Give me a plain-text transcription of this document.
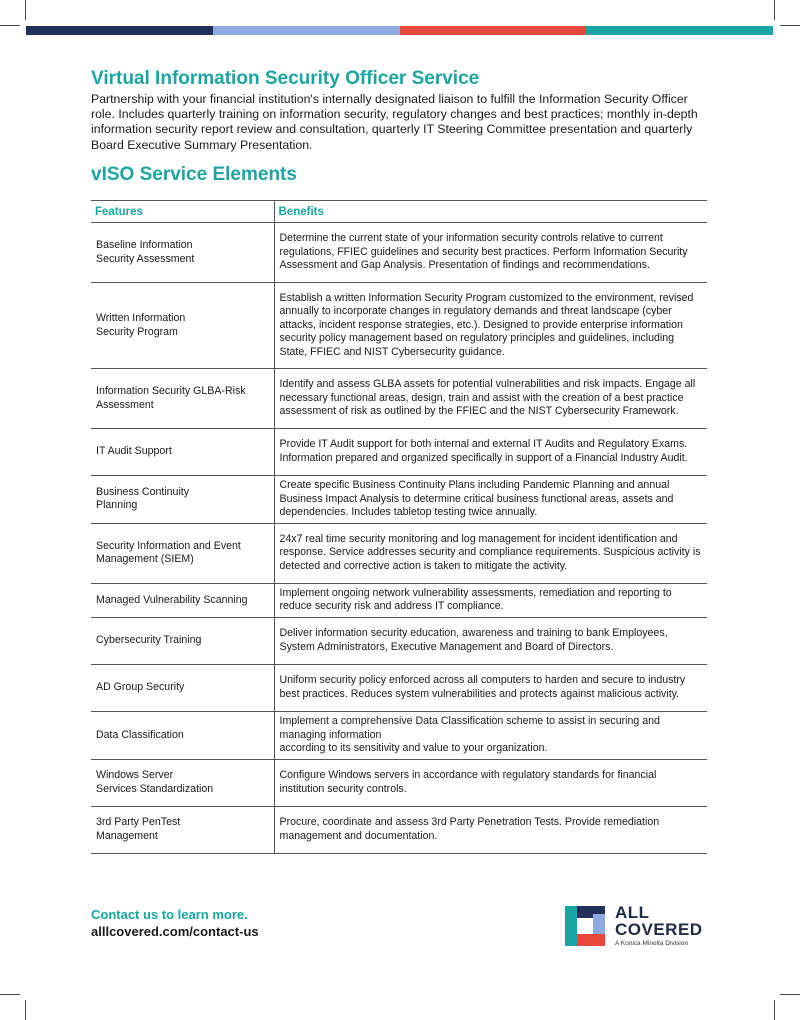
Virtual Information Security Officer Service

Partnership with your financial institution's internally designated liaison to fulfill the Information Security Officer role. Includes quarterly training on information security, regulatory changes and best practices; monthly in-depth information security report review and consultation, quarterly IT Steering Committee presentation and quarterly Board Executive Summary Presentation.

vISO Service Elements
Features	Benefits
Baseline Information
Security Assessment	Determine the current state of your information security controls relative to current regulations, FFIEC guidelines and security best practices. Perform Information Security Assessment and Gap Analysis. Presentation of findings and recommendations.
Written Information
Security Program	Establish a written Information Security Program customized to the environment, revised annually to incorporate changes in regulatory demands and threat landscape (cyber attacks, incident response strategies, etc.). Designed to provide enterprise information security policy management based on regulatory principles and guidelines, including State, FFIEC and NIST Cybersecurity guidance.
Information Security GLBA-Risk
Assessment	Identify and assess GLBA assets for potential vulnerabilities and risk impacts. Engage all necessary functional areas, design, train and assist with the creation of a best practice assessment of risk as outlined by the FFIEC and the NIST Cybersecurity Framework.
IT Audit Support	Provide IT Audit support for both internal and external IT Audits and Regulatory Exams. Information prepared and organized specifically in support of a Financial Industry Audit.
Business Continuity
Planning	Create specific Business Continuity Plans including Pandemic Planning and annual Business Impact Analysis to determine critical business functional areas, assets and dependencies. Includes tabletop testing twice annually.
Security Information and Event
Management (SIEM)	24x7 real time security monitoring and log management for incident identification and response. Service addresses security and compliance requirements. Suspicious activity is detected and corrective action is taken to mitigate the activity.
Managed Vulnerability Scanning	Implement ongoing network vulnerability assessments, remediation and reporting to reduce security risk and address IT compliance.
Cybersecurity Training	Deliver information security education, awareness and training to bank Employees, System Administrators, Executive Management and Board of Directors.
AD Group Security	Uniform security policy enforced across all computers to harden and secure to industry best practices. Reduces system vulnerabilities and protects against malicious activity.
Data Classification	Implement a comprehensive Data Classification scheme to assist in securing and managing information
according to its sensitivity and value to your organization.
Windows Server
Services Standardization	Configure Windows servers in accordance with regulatory standards for financial institution security controls.
3rd Party PenTest
Management	Procure, coordinate and assess 3rd Party Penetration Tests. Provide remediation management and documentation.
Contact us to learn more.
alllcovered.com/contact-us
ALL
COVERED
A Konica Minolta Division
